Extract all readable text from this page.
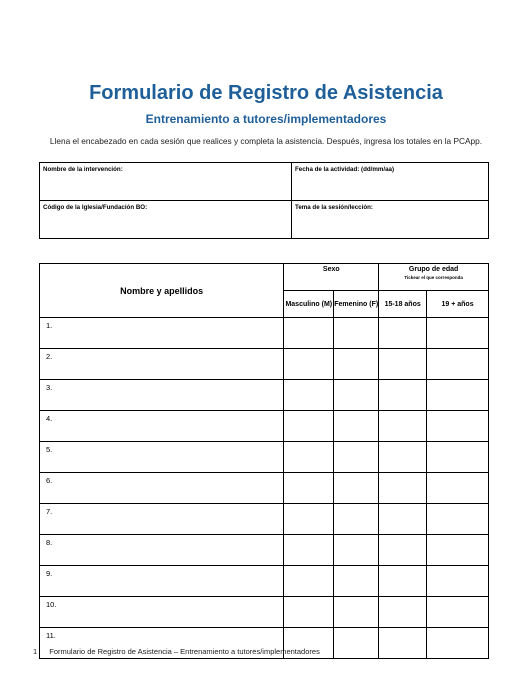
Formulario de Registro de Asistencia
Entrenamiento a tutores/implementadores
Llena el encabezado en cada sesión que realices y completa la asistencia. Después, ingresa los totales en la PCApp.
Nombre de la intervención:	Fecha de la actividad: (dd/mm/aa)
Código de la Iglesia/Fundación BO:	Tema de la sesión/lección:
Nombre y apellidos	Sexo		Grupo de edad
Tickear el que corresponda	

	Masculino (M)	Femenino (F)	15-18 años	19 + años
1.				
2.				
3.				
4.				
5.				
6.				
7.				
8.				
9.				
10.				
11.				
1 Formulario de Registro de Asistencia – Entrenamiento a tutores/implementadores
